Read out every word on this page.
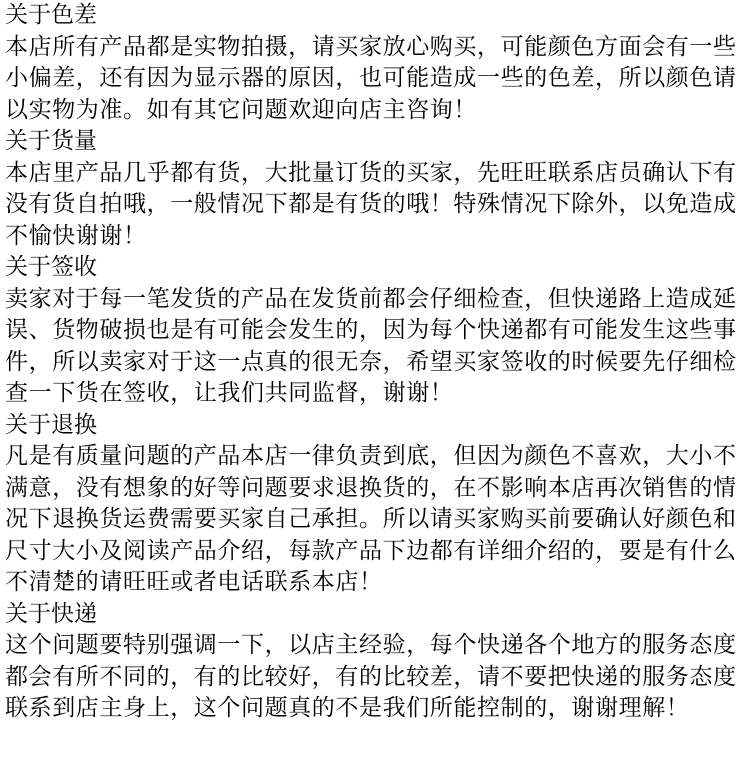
关于色差

本店所有产品都是实物拍摄，请买家放心购买，可能颜色方面会有一些

小偏差，还有因为显示器的原因，也可能造成一些的色差，所以颜色请

以实物为准。如有其它问题欢迎向店主咨询！

关于货量

本店里产品几乎都有货，大批量订货的买家，先旺旺联系店员确认下有

没有货自拍哦，一般情况下都是有货的哦！特殊情况下除外，以免造成

不愉快谢谢！

关于签收

卖家对于每一笔发货的产品在发货前都会仔细检查，但快递路上造成延

误、货物破损也是有可能会发生的，因为每个快递都有可能发生这些事

件，所以卖家对于这一点真的很无奈，希望买家签收的时候要先仔细检

查一下货在签收，让我们共同监督，谢谢！

关于退换

凡是有质量问题的产品本店一律负责到底，但因为颜色不喜欢，大小不

满意，没有想象的好等问题要求退换货的，在不影响本店再次销售的情

况下退换货运费需要买家自己承担。所以请买家购买前要确认好颜色和

尺寸大小及阅读产品介绍，每款产品下边都有详细介绍的，要是有什么

不清楚的请旺旺或者电话联系本店！

关于快递

这个问题要特别强调一下，以店主经验，每个快递各个地方的服务态度

都会有所不同的，有的比较好，有的比较差，请不要把快递的服务态度

联系到店主身上，这个问题真的不是我们所能控制的，谢谢理解！
